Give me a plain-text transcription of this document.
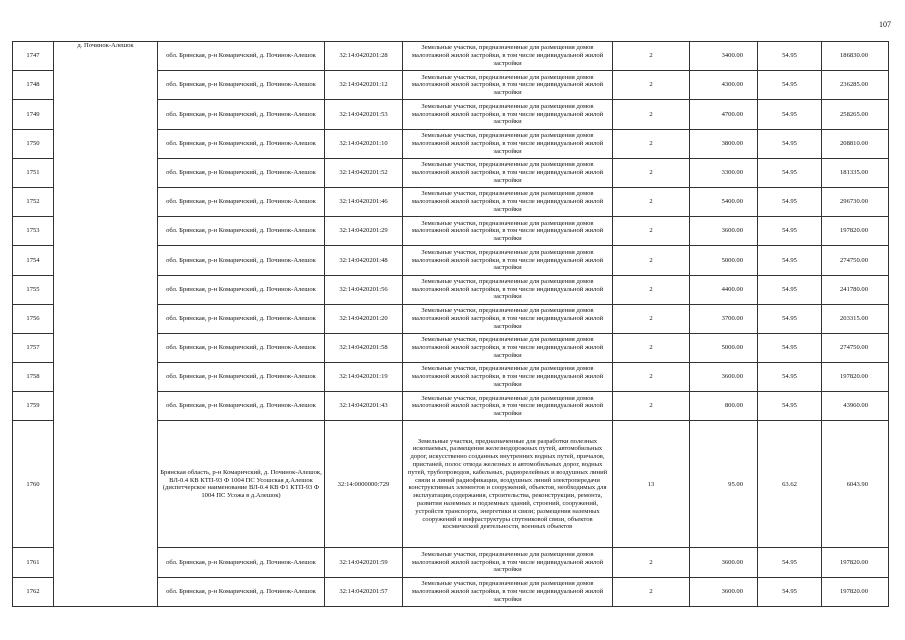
107
1747	д. Починок-Алешок	обл. Брянская, р-н Комаричский, д. Починок-Алешок	32:14:0420201:28	Земельные участки, предназначенные для размещения домов малоэтажной жилой застройки, в том числе индивидуальной жилой застройки	2	3400.00	54.95	186830.00
1748		обл. Брянская, р-н Комаричский, д. Починок-Алешок	32:14:0420201:12	Земельные участки, предназначенные для размещения домов малоэтажной жилой застройки, в том числе индивидуальной жилой застройки	2	4300.00	54.95	236285.00
1749		обл. Брянская, р-н Комаричский, д. Починок-Алешок	32:14:0420201:53	Земельные участки, предназначенные для размещения домов малоэтажной жилой застройки, в том числе индивидуальной жилой застройки	2	4700.00	54.95	258265.00
1750		обл. Брянская, р-н Комаричский, д. Починок-Алешок	32:14:0420201:10	Земельные участки, предназначенные для размещения домов малоэтажной жилой застройки, в том числе индивидуальной жилой застройки	2	3800.00	54.95	208810.00
1751		обл. Брянская, р-н Комаричский, д. Починок-Алешок	32:14:0420201:52	Земельные участки, предназначенные для размещения домов малоэтажной жилой застройки, в том числе индивидуальной жилой застройки	2	3300.00	54.95	181335.00
1752		обл. Брянская, р-н Комаричский, д. Починок-Алешок	32:14:0420201:46	Земельные участки, предназначенные для размещения домов малоэтажной жилой застройки, в том числе индивидуальной жилой застройки	2	5400.00	54.95	296730.00
1753		обл. Брянская, р-н Комаричский, д. Починок-Алешок	32:14:0420201:29	Земельные участки, предназначенные для размещения домов малоэтажной жилой застройки, в том числе индивидуальной жилой застройки	2	3600.00	54.95	197820.00
1754		обл. Брянская, р-н Комаричский, д. Починок-Алешок	32:14:0420201:48	Земельные участки, предназначенные для размещения домов малоэтажной жилой застройки, в том числе индивидуальной жилой застройки	2	5000.00	54.95	274750.00
1755		обл. Брянская, р-н Комаричский, д. Починок-Алешок	32:14:0420201:56	Земельные участки, предназначенные для размещения домов малоэтажной жилой застройки, в том числе индивидуальной жилой застройки	2	4400.00	54.95	241780.00
1756		обл. Брянская, р-н Комаричский, д. Починок-Алешок	32:14:0420201:20	Земельные участки, предназначенные для размещения домов малоэтажной жилой застройки, в том числе индивидуальной жилой застройки	2	3700.00	54.95	203315.00
1757		обл. Брянская, р-н Комаричский, д. Починок-Алешок	32:14:0420201:58	Земельные участки, предназначенные для размещения домов малоэтажной жилой застройки, в том числе индивидуальной жилой застройки	2	5000.00	54.95	274750.00
1758		обл. Брянская, р-н Комаричский, д. Починок-Алешок	32:14:0420201:19	Земельные участки, предназначенные для размещения домов малоэтажной жилой застройки, в том числе индивидуальной жилой застройки	2	3600.00	54.95	197820.00
1759		обл. Брянская, р-н Комаричский, д. Починок-Алешок	32:14:0420201:43	Земельные участки, предназначенные для размещения домов малоэтажной жилой застройки, в том числе индивидуальной жилой застройки	2	800.00	54.95	43960.00
1760		Брянская область, р-н Комаричский, д. Починок-Алешок, ВЛ-0.4 КВ КТП-93 Ф 1004 ПС Усошская д.Алешок (диспетчерское наименование ВЛ-0.4 КВ Ф1 КТП-93 Ф 1004 ПС Усожа в д.Алешок)	32:14:0000000:729	Земельные участки, предназначенные для разработки полезных ископаемых, размещения железнодорожных путей, автомобильных дорог, искусственно созданных внутренних водных путей, причалов, пристаней, полос отвода железных и автомобильных дорог, водных путей, трубопроводов, кабельных, радиорелейных и воздушных линий связи и линий радиофикации, воздушных линий электропередачи конструктивных элементов и сооружений, объектов, необходимых для эксплуатации,содержания, строительства, реконструкции, ремонта, развития наземных и подземных зданий, строений, сооружений, устройств транспорта, энергетики и связи; размещения наземных сооружений и инфраструктуры спутниковой связи, объектов космической деятельности, военных объектов	13	95.00	63.62	6043.90
1761		обл. Брянская, р-н Комаричский, д. Починок-Алешок	32:14:0420201:59	Земельные участки, предназначенные для размещения домов малоэтажной жилой застройки, в том числе индивидуальной жилой застройки	2	3600.00	54.95	197820.00
1762		обл. Брянская, р-н Комаричский, д. Починок-Алешок	32:14:0420201:57	Земельные участки, предназначенные для размещения домов малоэтажной жилой застройки, в том числе индивидуальной жилой застройки	2	3600.00	54.95	197820.00
